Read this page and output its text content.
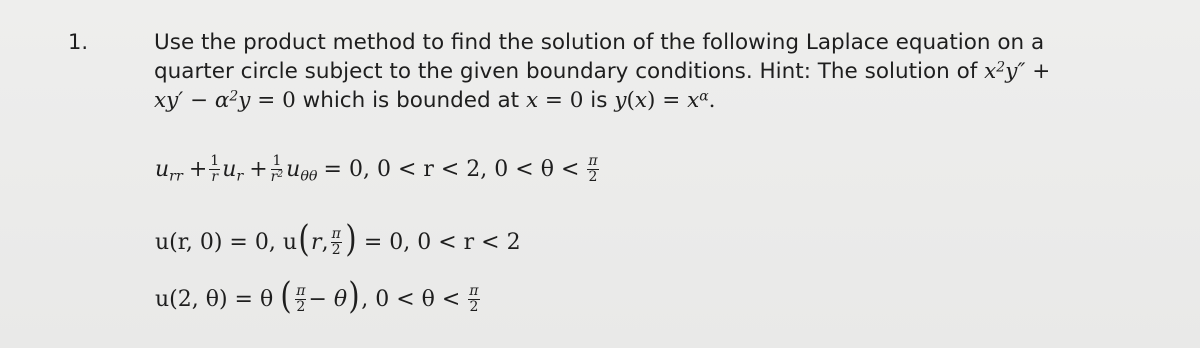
1.	Use the product method to find the solution of the following Laplace equation on a

quarter circle subject to the given boundary conditions. Hint: The solution of $x^2y''$ +

$xy' - \alpha^2y = 0$ which is bounded at x = 0 is $y(x) = x^\alpha$.

$u_{rr} + \frac{1}{r} u_r + \frac{1}{r^2} u_{\theta\theta} = 0$, 0 < r < 2, $0 < \theta < \frac{\pi}{2}$
u(r, 0) = 0, u ( r , $\frac{\pi}{2}$ ) = 0, 0 < r < 2
u(2, θ) = θ ( $\frac{\pi}{2} - \theta$ ) , $0 < \theta < \frac{\pi}{2}$
